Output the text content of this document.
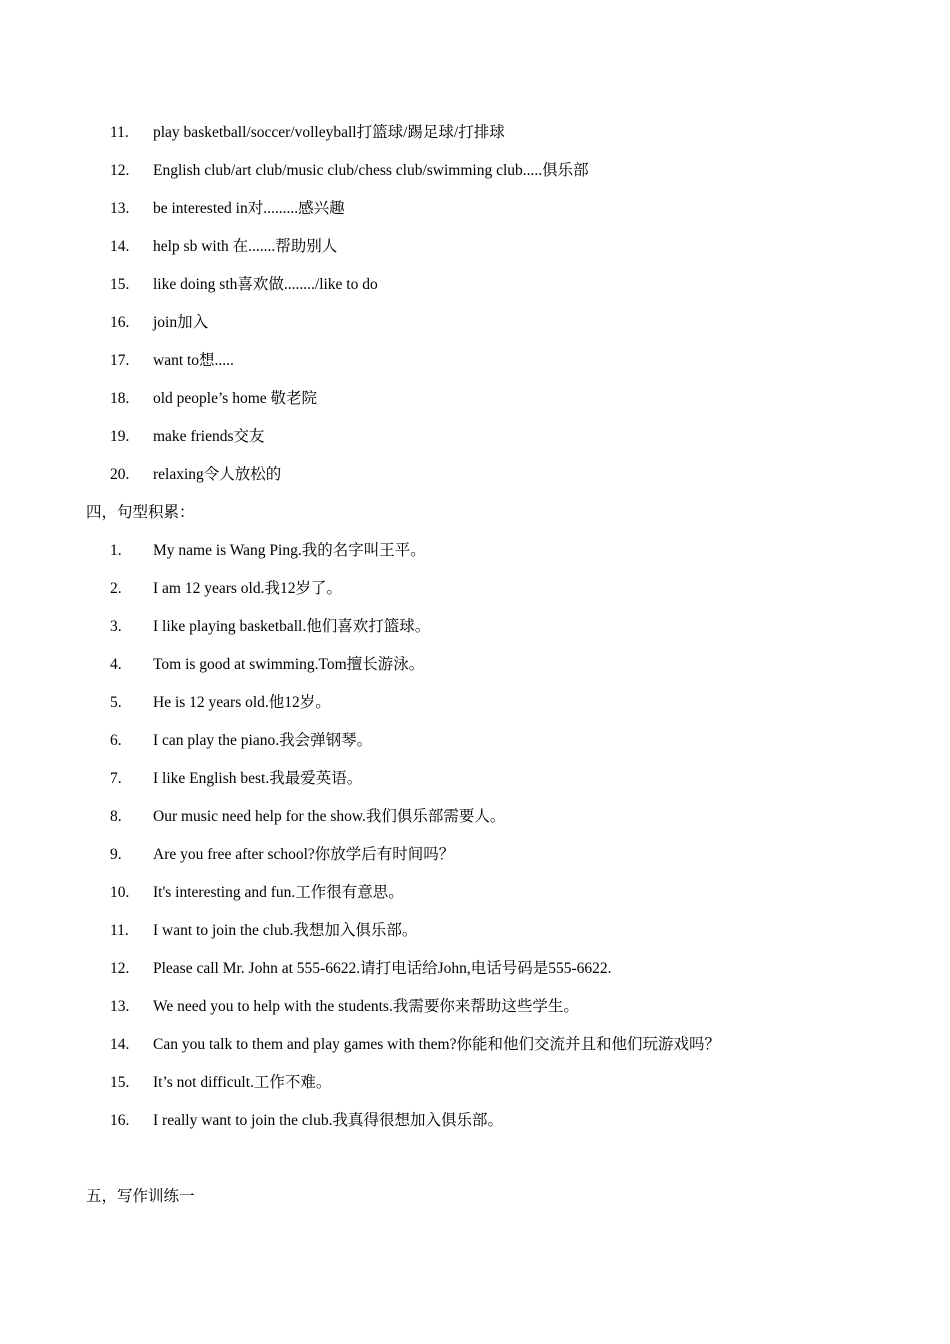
11. play basketball/soccer/volleyball打篮球/踢足球/打排球
12. English club/art club/music club/chess club/swimming club.....俱乐部
13. be interested in对.........感兴趣
14. help sb with 在.......帮助别人
15. like doing sth喜欢做......../like to do
16. join加入
17. want to想.....
18. old people’s home 敬老院
19. make friends交友
20. relaxing令人放松的
四，句型积累：
1. My name is Wang Ping.我的名字叫王平。
2. I am 12 years old.我12岁了。
3. I like playing basketball.他们喜欢打篮球。
4. Tom is good at swimming.Tom擅长游泳。
5. He is 12 years old.他12岁。
6. I can play the piano.我会弹钢琴。
7. I like English best.我最爱英语。
8. Our music need help for the show.我们俱乐部需要人。
9. Are you free after school?你放学后有时间吗？
10. It's interesting and fun.工作很有意思。
11. I want to join the club.我想加入俱乐部。
12. Please call Mr. John at 555-6622.请打电话给John,电话号码是555-6622.
13. We need you to help with the students.我需要你来帮助这些学生。
14. Can you talk to them and play games with them?你能和他们交流并且和他们玩游戏吗？
15. It’s not difficult.工作不难。
16. I really want to join the club.我真得很想加入俱乐部。
五，写作训练一
